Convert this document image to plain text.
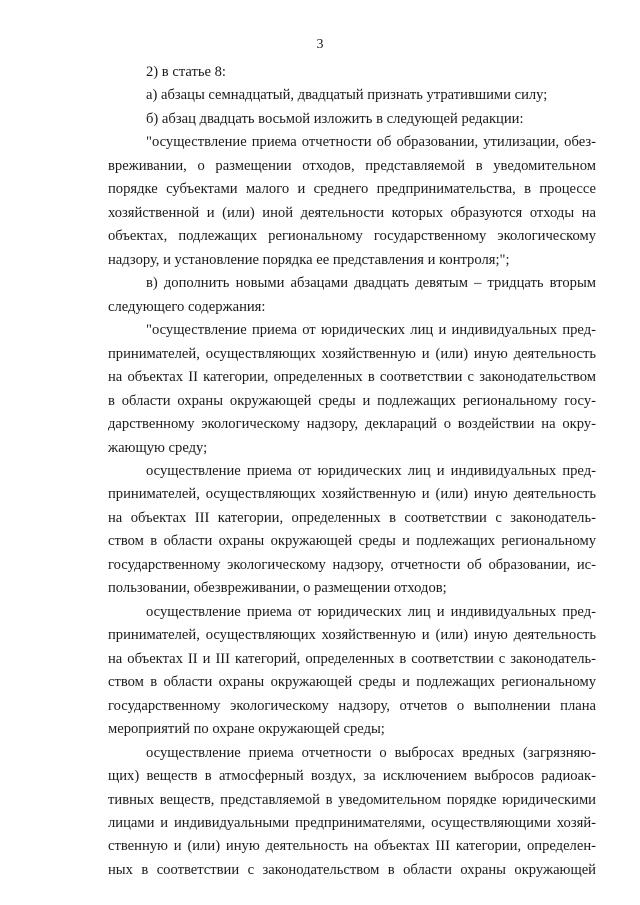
3
2) в статье 8:
а) абзацы семнадцатый, двадцатый признать утратившими силу;
б) абзац двадцать восьмой изложить в следующей редакции:
"осуществление приема отчетности об образовании, утилизации, обез-
вреживании, о размещении отходов, представляемой в уведомительном
порядке субъектами малого и среднего предпринимательства, в процессе
хозяйственной и (или) иной деятельности которых образуются отходы на
объектах, подлежащих региональному государственному экологическому
надзору, и установление порядка ее представления и контроля;";
в) дополнить новыми абзацами двадцать девятым – тридцать вторым
следующего содержания:
"осуществление приема от юридических лиц и индивидуальных пред-
принимателей, осуществляющих хозяйственную и (или) иную деятельность
на объектах II категории, определенных в соответствии с законодательством
в области охраны окружающей среды и подлежащих региональному госу-
дарственному экологическому надзору, деклараций о воздействии на окру-
жающую среду;
осуществление приема от юридических лиц и индивидуальных пред-
принимателей, осуществляющих хозяйственную и (или) иную деятельность
на объектах III категории, определенных в соответствии с законодатель-
ством в области охраны окружающей среды и подлежащих региональному
государственному экологическому надзору, отчетности об образовании, ис-
пользовании, обезвреживании, о размещении отходов;
осуществление приема от юридических лиц и индивидуальных пред-
принимателей, осуществляющих хозяйственную и (или) иную деятельность
на объектах II и III категорий, определенных в соответствии с законодатель-
ством в области охраны окружающей среды и подлежащих региональному
государственному экологическому надзору, отчетов о выполнении плана
мероприятий по охране окружающей среды;
осуществление приема отчетности о выбросах вредных (загрязняю-
щих) веществ в атмосферный воздух, за исключением выбросов радиоак-
тивных веществ, представляемой в уведомительном порядке юридическими
лицами и индивидуальными предпринимателями, осуществляющими хозяй-
ственную и (или) иную деятельность на объектах III категории, определен-
ных в соответствии с законодательством в области охраны окружающей
